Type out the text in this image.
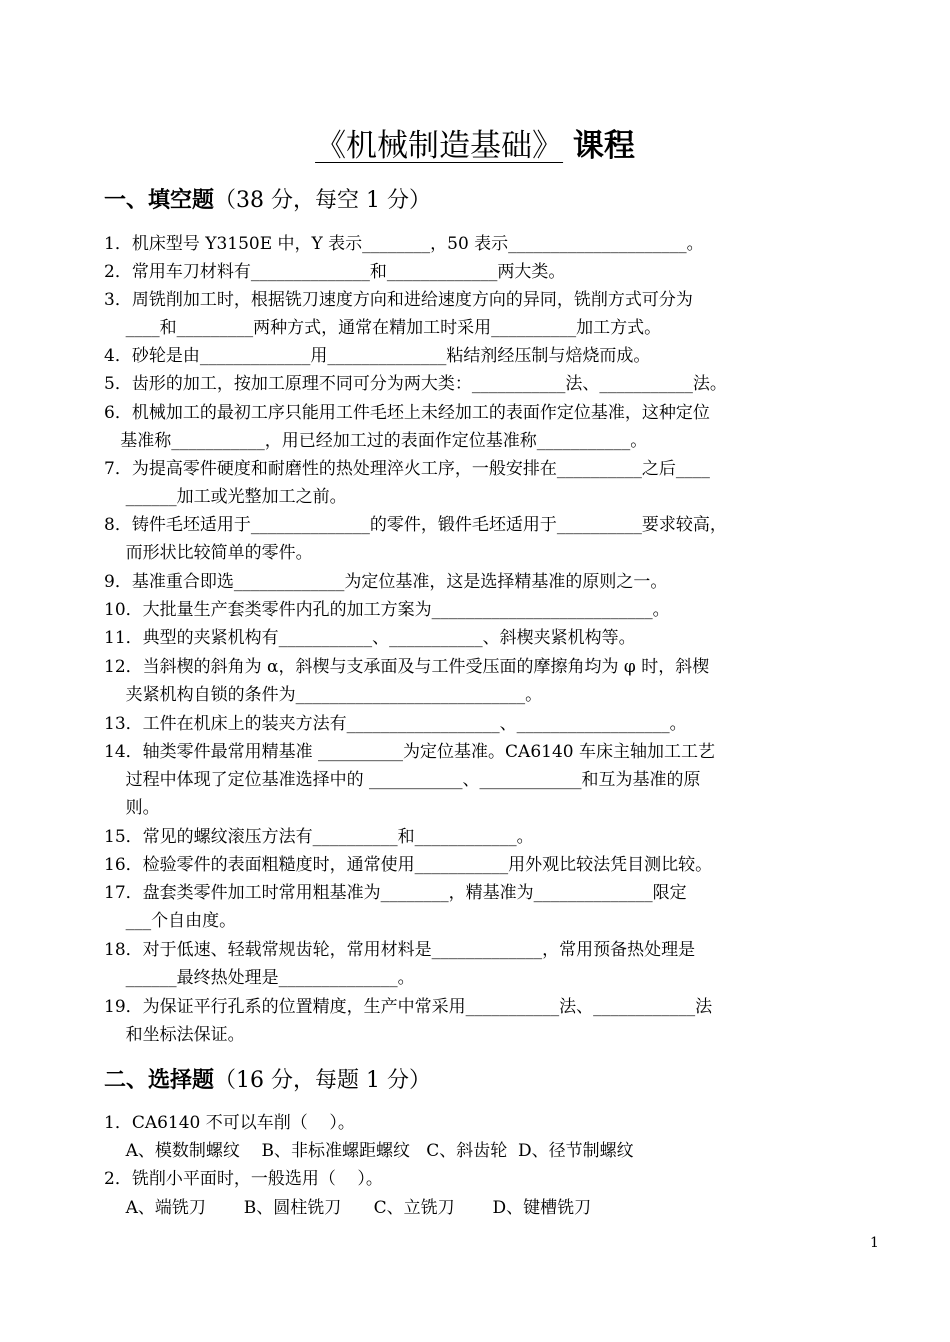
《机械制造基础》 课程
一、填空题（38 分，每空 1 分）
1．机床型号 Y3150E 中，Y 表示________，50 表示_____________________。
2．常用车刀材料有______________和_____________两大类。
3．周铣削加工时，根据铣刀速度方向和进给速度方向的异同，铣削方式可分为
____和_________两种方式，通常在精加工时采用__________加工方式。
4．砂轮是由_____________用______________粘结剂经压制与焙烧而成。
5．齿形的加工，按加工原理不同可分为两大类：___________法、___________法。
6．机械加工的最初工序只能用工件毛坯上未经加工的表面作定位基准，这种定位
基准称___________，用已经加工过的表面作定位基准称___________。
7．为提高零件硬度和耐磨性的热处理淬火工序，一般安排在__________之后____
______加工或光整加工之前。
8．铸件毛坯适用于______________的零件，锻件毛坯适用于__________要求较高，
而形状比较简单的零件。
9．基准重合即选_____________为定位基准，这是选择精基准的原则之一。
10．大批量生产套类零件内孔的加工方案为__________________________。
11．典型的夹紧机构有___________、___________、斜楔夹紧机构等。
12．当斜楔的斜角为 α，斜楔与支承面及与工件受压面的摩擦角均为 φ 时，斜楔
夹紧机构自锁的条件为___________________________。
13．工件在机床上的装夹方法有__________________、__________________。
14．轴类零件最常用精基准 __________为定位基准。CA6140 车床主轴加工工艺
过程中体现了定位基准选择中的 ___________、____________和互为基准的原
则。
15．常见的螺纹滚压方法有__________和____________。
16．检验零件的表面粗糙度时，通常使用___________用外观比较法凭目测比较。
17．盘套类零件加工时常用粗基准为________，精基准为______________限定
___个自由度。
18．对于低速、轻载常规齿轮，常用材料是_____________，常用预备热处理是
______最终热处理是______________。
19．为保证平行孔系的位置精度，生产中常采用___________法、____________法
和坐标法保证。
二、选择题（16 分，每题 1 分）
1．CA6140 不可以车削（    ）。
A、模数制螺纹    B、非标准螺距螺纹   C、斜齿轮  D、径节制螺纹
2．铣削小平面时，一般选用（    ）。
A、端铣刀       B、圆柱铣刀      C、立铣刀       D、键槽铣刀
1
